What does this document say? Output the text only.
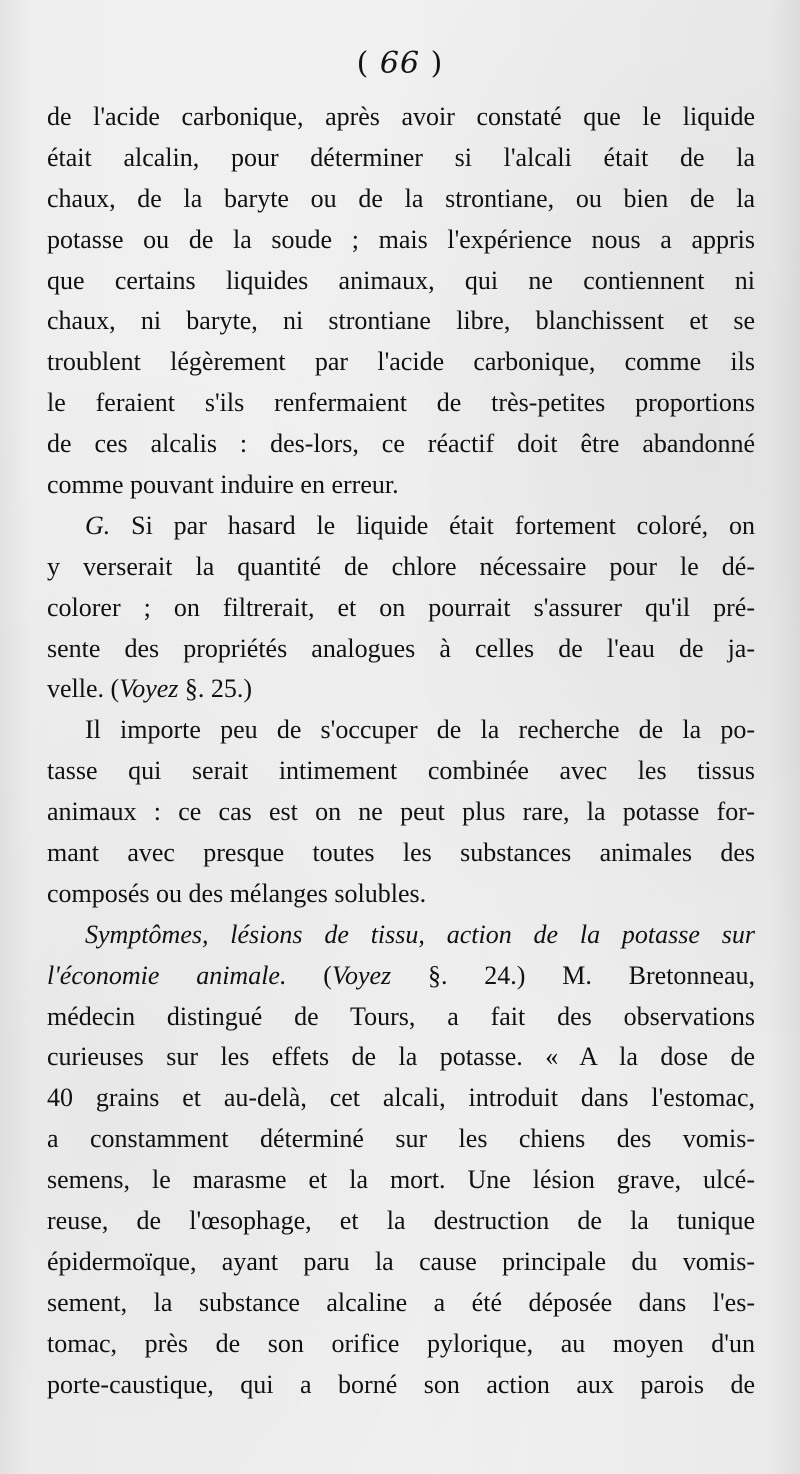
( 66 )
de l'acide carbonique, après avoir constaté que le liquide
était alcalin, pour déterminer si l'alcali était de la
chaux, de la baryte ou de la strontiane, ou bien de la
potasse ou de la soude ; mais l'expérience nous a appris
que certains liquides animaux, qui ne contiennent ni
chaux, ni baryte, ni strontiane libre, blanchissent et se
troublent légèrement par l'acide carbonique, comme ils
le feraient s'ils renfermaient de très-petites proportions
de ces alcalis : des-lors, ce réactif doit être abandonné
comme pouvant induire en erreur.
G. Si par hasard le liquide était fortement coloré, on
y verserait la quantité de chlore nécessaire pour le dé-
colorer ; on filtrerait, et on pourrait s'assurer qu'il pré-
sente des propriétés analogues à celles de l'eau de ja-
velle. (Voyez §. 25.)
Il importe peu de s'occuper de la recherche de la po-
tasse qui serait intimement combinée avec les tissus
animaux : ce cas est on ne peut plus rare, la potasse for-
mant avec presque toutes les substances animales des
composés ou des mélanges solubles.
Symptômes, lésions de tissu, action de la potasse sur
l'économie animale. (Voyez §. 24.) M. Bretonneau,
médecin distingué de Tours, a fait des observations
curieuses sur les effets de la potasse. « A la dose de
40 grains et au-delà, cet alcali, introduit dans l'estomac,
a constamment déterminé sur les chiens des vomis-
semens, le marasme et la mort. Une lésion grave, ulcé-
reuse, de l'œsophage, et la destruction de la tunique
épidermoïque, ayant paru la cause principale du vomis-
sement, la substance alcaline a été déposée dans l'es-
tomac, près de son orifice pylorique, au moyen d'un
porte-caustique, qui a borné son action aux parois de
